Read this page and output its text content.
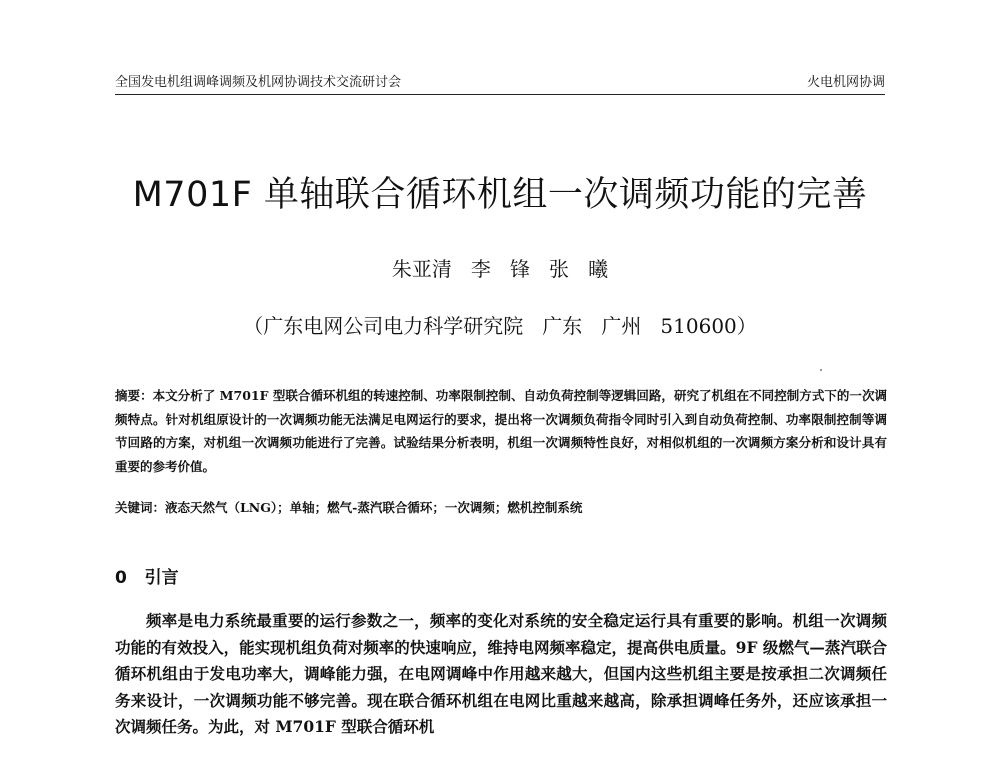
全国发电机组调峰调频及机网协调技术交流研讨会	火电机网协调
M701F 单轴联合循环机组一次调频功能的完善
朱亚清   李   锋   张   曦
（广东电网公司电力科学研究院   广东   广州   510600）
摘要：本文分析了 M701F 型联合循环机组的转速控制、功率限制控制、自动负荷控制等逻辑回路，研究了机组在不同控制方式下的一次调频特点。针对机组原设计的一次调频功能无法满足电网运行的要求，提出将一次调频负荷指令同时引入到自动负荷控制、功率限制控制等调节回路的方案，对机组一次调频功能进行了完善。试验结果分析表明，机组一次调频特性良好，对相似机组的一次调频方案分析和设计具有重要的参考价值。
关键词：液态天然气（LNG）；单轴；燃气-蒸汽联合循环；一次调频；燃机控制系统
0   引言
频率是电力系统最重要的运行参数之一，频率的变化对系统的安全稳定运行具有重要的影响。机组一次调频功能的有效投入，能实现机组负荷对频率的快速响应，维持电网频率稳定，提高供电质量。9F 级燃气—蒸汽联合循环机组由于发电功率大，调峰能力强，在电网调峰中作用越来越大，但国内这些机组主要是按承担二次调频任务来设计，一次调频功能不够完善。现在联合循环机组在电网比重越来越高，除承担调峰任务外，还应该承担一次调频任务。为此，对 M701F 型联合循环机
